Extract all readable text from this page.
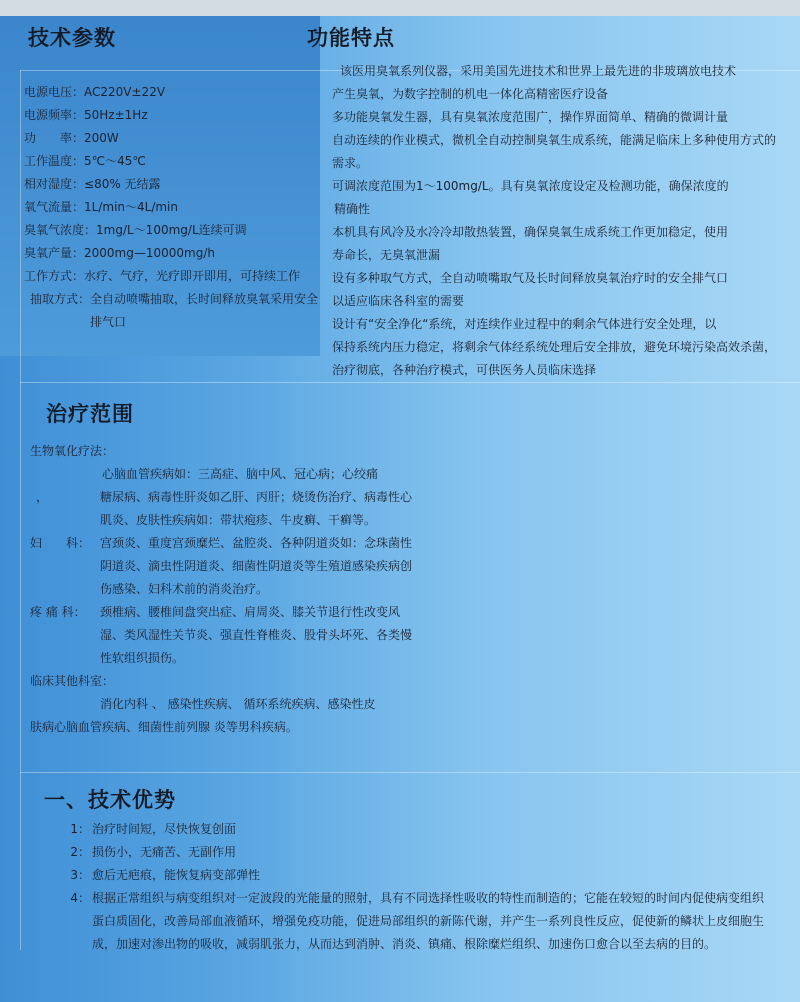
技术参数
电源电压： AC220V±22V
电源频率： 50Hz±1Hz
功　　率： 200W
工作温度： 5℃～45℃
相对湿度： ≤80% 无结露
氧气流量： 1L/min～4L/min
臭氧气浓度： 1mg/L～100mg/L连续可调
臭氧产量： 2000mg—10000mg/h
工作方式： 水疗、气疗，光疗即开即用，可持续工作
抽取方式： 全自动喷嘴抽取，长时间释放臭氧采用安全排气口
功能特点

该医用臭氧系列仪器，采用美国先进技术和世界上最先进的非玻璃放电技术
产生臭氧，为数字控制的机电一体化高精密医疗设备

多功能臭氧发生器，具有臭氧浓度范围广，操作界面简单、精确的微调计量
自动连续的作业模式，微机全自动控制臭氧生成系统，能满足临床上多种使用方式的需求。

可调浓度范围为1～100mg/L。具有臭氧浓度设定及检测功能，确保浓度的
精确性

本机具有风冷及水冷冷却散热装置，确保臭氧生成系统工作更加稳定，使用
寿命长，无臭氧泄漏

设有多种取气方式，全自动喷嘴取气及长时间释放臭氧治疗时的安全排气口
以适应临床各科室的需要

设计有“安全净化“系统，对连续作业过程中的剩余气体进行安全处理，以
保持系统内压力稳定，将剩余气体经系统处理后安全排放，避免环境污染高效杀菌，治疗彻底，各种治疗模式，可供医务人员临床选择

治疗范围
生物氧化疗法：
心脑血管疾病如：三高症、脑中风、冠心病；心绞痛
，	糖尿病、病毒性肝炎如乙肝、丙肝；烧烫伤治疗、病毒性心肌炎、皮肤性疾病如：带状疱疹、牛皮癣、干癣等。
妇　　科： 宫颈炎、重度宫颈糜烂、盆腔炎、各种阴道炎如：念珠菌性阴道炎、滴虫性阴道炎、细菌性阴道炎等生殖道感染疾病创伤感染、妇科术前的消炎治疗。
疼 痛 科：	颈椎病、腰椎间盘突出症、肩周炎、膝关节退行性改变风湿、类风湿性关节炎、强直性脊椎炎、股骨头坏死、各类慢性软组织损伤。
临床其他科室：
消化内科 、 感染性疾病、 循环系统疾病、感染性皮
肤病心脑血管疾病、细菌性前列腺 炎等男科疾病。
一、技术优势
1： 治疗时间短，尽快恢复创面
2： 损伤小，无痛苦、无副作用
3： 愈后无疤痕，能恢复病变部弹性
4： 根据正常组织与病变组织对一定波段的光能量的照射，具有不同选择性吸收的特性而制造的；它能在较短的时间内促使病变组织蛋白质固化，改善局部血液循环，增强免疫功能，促进局部组织的新陈代谢，并产生一系列良性反应，促使新的鳞状上皮细胞生成，加速对渗出物的吸收，减弱肌张力，从而达到消肿、消炎、镇痛、根除糜烂组织、加速伤口愈合以至去病的目的。
